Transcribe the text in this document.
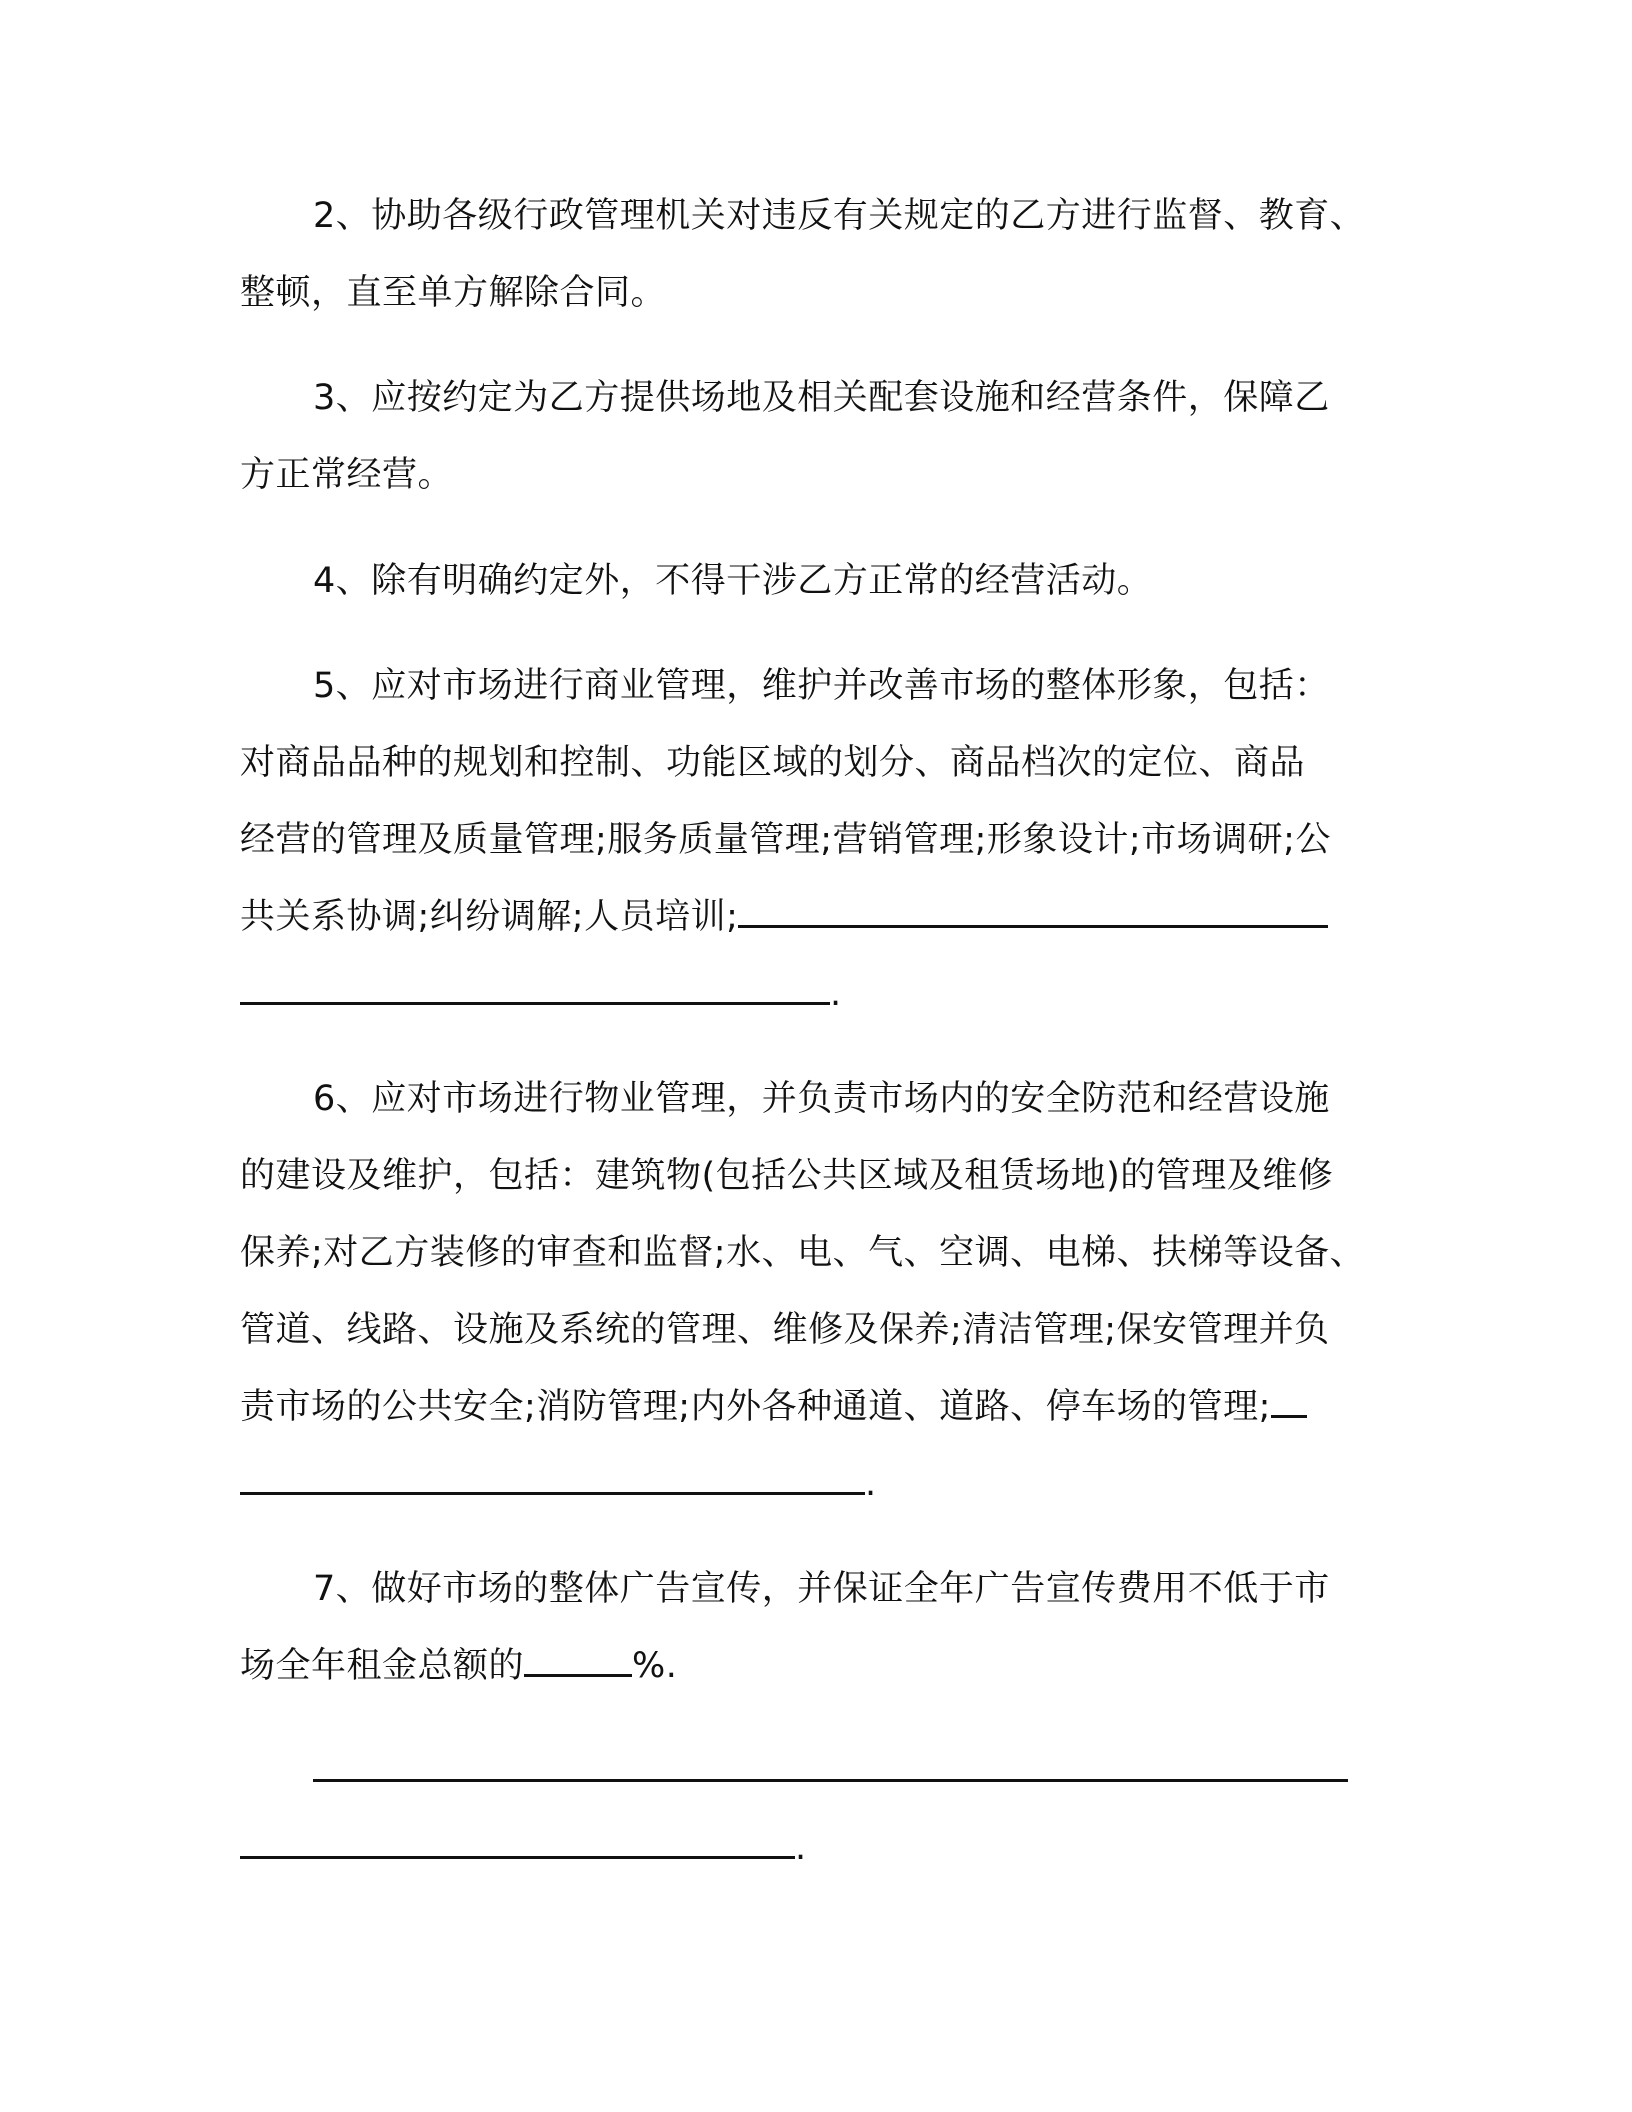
2、协助各级行政管理机关对违反有关规定的乙方进行监督、教育、
整顿，直至单方解除合同。
3、应按约定为乙方提供场地及相关配套设施和经营条件，保障乙
方正常经营。
4、除有明确约定外，不得干涉乙方正常的经营活动。
5、应对市场进行商业管理，维护并改善市场的整体形象，包括：
对商品品种的规划和控制、功能区域的划分、商品档次的定位、商品
经营的管理及质量管理;服务质量管理;营销管理;形象设计;市场调研;公
共关系协调;纠纷调解;人员培训;
.
6、应对市场进行物业管理，并负责市场内的安全防范和经营设施
的建设及维护，包括：建筑物(包括公共区域及租赁场地)的管理及维修
保养;对乙方装修的审查和监督;水、电、气、空调、电梯、扶梯等设备、
管道、线路、设施及系统的管理、维修及保养;清洁管理;保安管理并负
责市场的公共安全;消防管理;内外各种通道、道路、停车场的管理;
.
7、做好市场的整体广告宣传，并保证全年广告宣传费用不低于市
场全年租金总额的	%.
.
